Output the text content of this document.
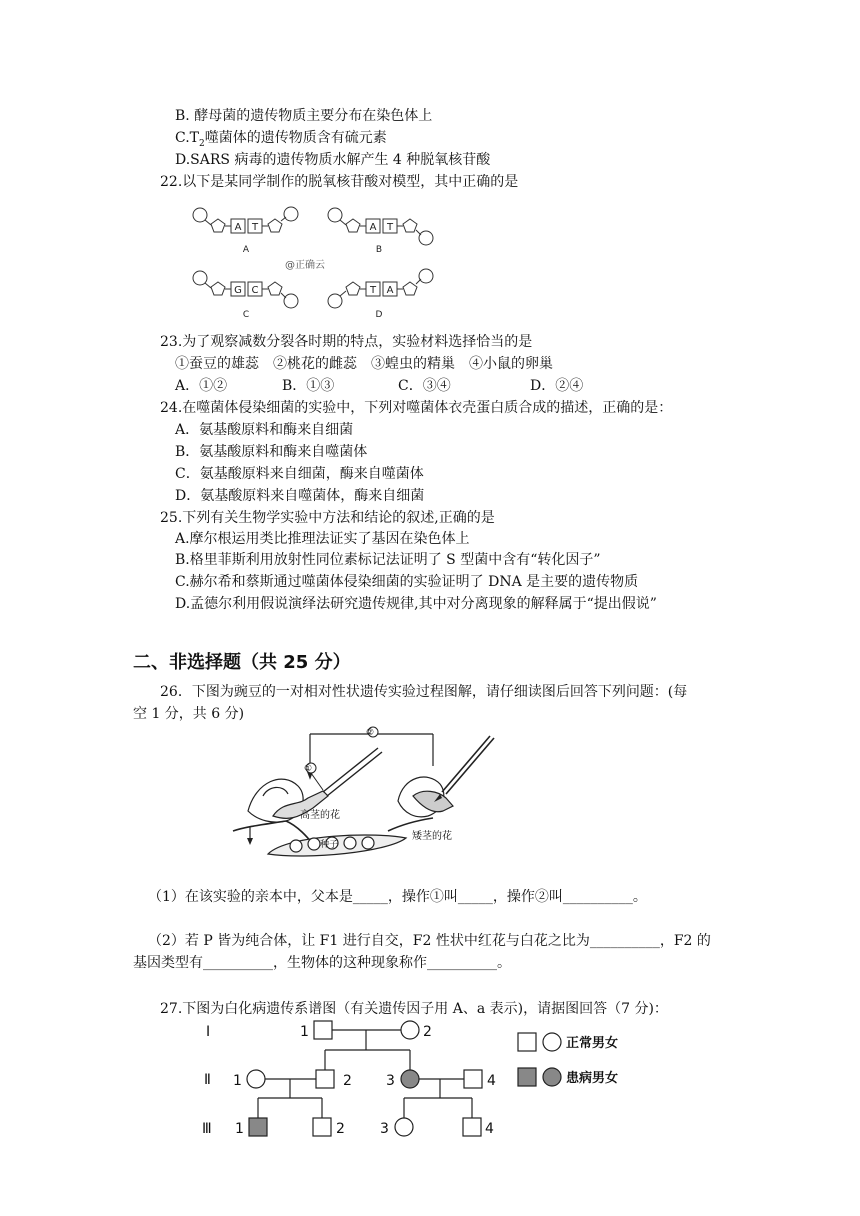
B. 酵母菌的遗传物质主要分布在染色体上
$C.T_2$噬菌体的遗传物质含有硫元素
D.SARS 病毒的遗传物质水解产生 4 种脱氧核苷酸
22.以下是某同学制作的脱氧核苷酸对模型，其中正确的是
A T	A T
G C	T A
A	B
C	D
@正确云
23.为了观察减数分裂各时期的特点，实验材料选择恰当的是
①蚕豆的雄蕊　②桃花的雌蕊　③蝗虫的精巢　④小鼠的卵巢
A．①②	B．①③	C．③④	D．②④
24.在噬菌体侵染细菌的实验中，下列对噬菌体衣壳蛋白质合成的描述，正确的是：
A．氨基酸原料和酶来自细菌
B．氨基酸原料和酶来自噬菌体
C．氨基酸原料来自细菌，酶来自噬菌体
D．氨基酸原料来自噬菌体，酶来自细菌
25.下列有关生物学实验中方法和结论的叙述,正确的是
A.摩尔根运用类比推理法证实了基因在染色体上
B.格里菲斯利用放射性同位素标记法证明了 S 型菌中含有“转化因子”
C.赫尔希和蔡斯通过噬菌体侵染细菌的实验证明了 DNA 是主要的遗传物质
D.孟德尔利用假说演绎法研究遗传规律,其中对分离现象的解释属于“提出假说”
二、非选择题（共 25 分）
26．下图为豌豆的一对相对性状遗传实验过程图解，请仔细读图后回答下列问题：(每
空 1 分，共 6 分)
②
①
高茎的花
矮茎的花
种子
（1）在该实验的亲本中，父本是_____，操作①叫_____，操作②叫__________。
（2）若 P 皆为纯合体，让 F1 进行自交，F2 性状中红花与白花之比为__________，F2 的
基因类型有__________，生物体的这种现象称作__________。
27.下图为白化病遗传系谱图（有关遗传因子用 A、a 表示)，请据图回答（7 分)：
Ⅰ
Ⅱ
Ⅲ
1	2
1	2 3	4
1	2	3	4
正常男女
患病男女
